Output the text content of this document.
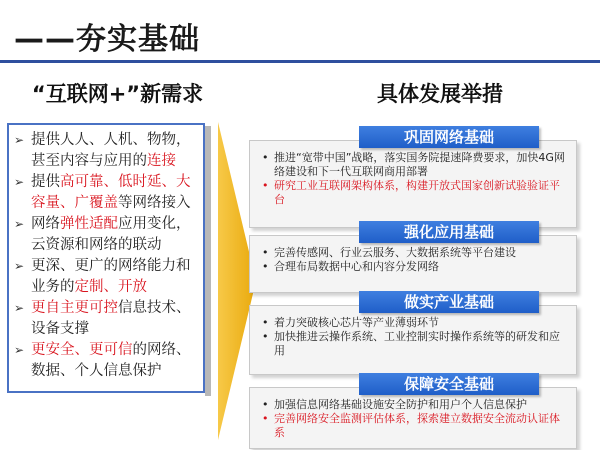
——夯实基础
“互联网+”新需求	具体发展举措
➢ 提供人人、人机、物物，甚至内容与应用的连接
➢ 提供高可靠、低时延、大容量、广覆盖等网络接入
➢ 网络弹性适配应用变化，云资源和网络的联动
➢ 更深、更广的网络能力和业务的定制、开放
➢ 更自主更可控信息技术、设备支撑
➢ 更安全、更可信的网络、数据、个人信息保护
• 推进“宽带中国”战略，落实国务院提速降费要求，加快4G网络建设和下一代互联网商用部署
• 研究工业互联网架构体系，构建开放式国家创新试验验证平台
巩固网络基础
• 完善传感网、行业云服务、大数据系统等平台建设
• 合理布局数据中心和内容分发网络
强化应用基础
• 着力突破核心芯片等产业薄弱环节
• 加快推进云操作系统、工业控制实时操作系统等的研发和应用
做实产业基础
• 加强信息网络基础设施安全防护和用户个人信息保护
• 完善网络安全监测评估体系，探索建立数据安全流动认证体系
保障安全基础
